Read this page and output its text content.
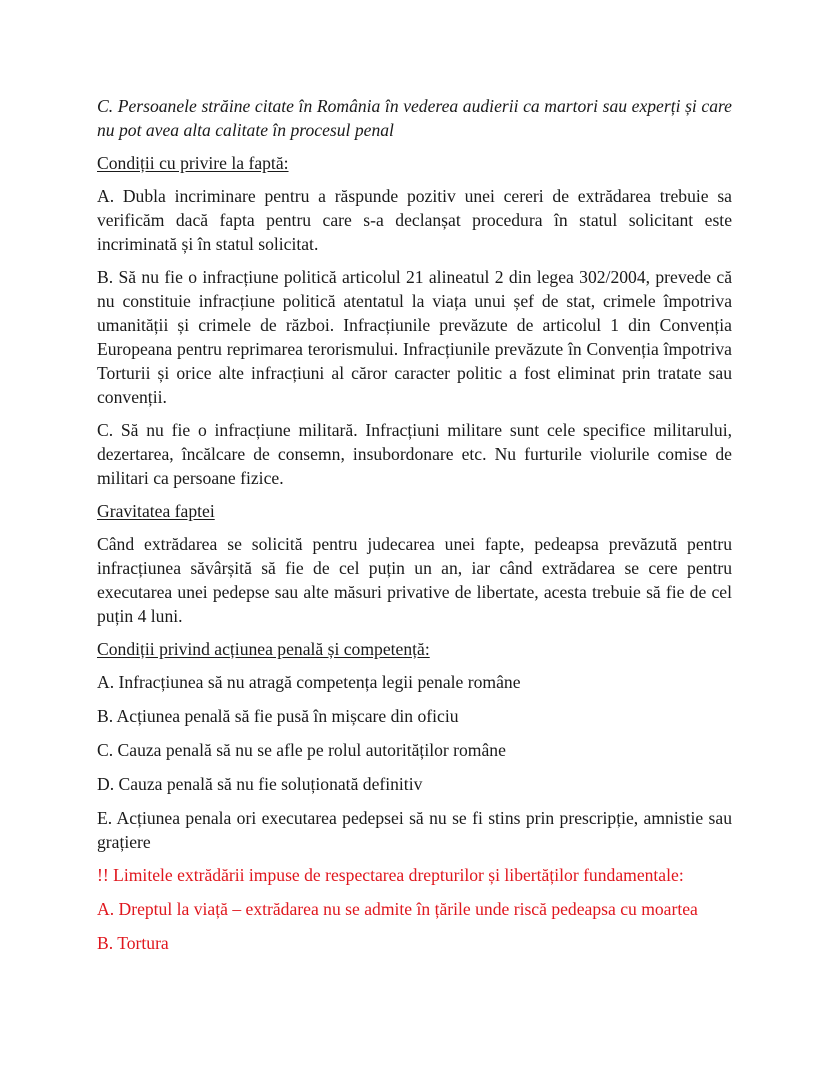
C. Persoanele străine citate în România în vederea audierii ca martori sau experți și care nu pot avea alta calitate în procesul penal

Condiții cu privire la faptă:

A. Dubla incriminare pentru a răspunde pozitiv unei cereri de extrădarea trebuie sa verificăm dacă fapta pentru care s-a declanșat procedura în statul solicitant este incriminată și în statul solicitat.

B. Să nu fie o infracțiune politică articolul 21 alineatul 2 din legea 302/2004, prevede că nu constituie infracțiune politică atentatul la viața unui șef de stat, crimele împotriva umanității și crimele de război. Infracțiunile prevăzute de articolul 1 din Convenția Europeana pentru reprimarea terorismului. Infracțiunile prevăzute în Convenția împotriva Torturii și orice alte infracțiuni al căror caracter politic a fost eliminat prin tratate sau convenții.

C. Să nu fie o infracțiune militară. Infracțiuni militare sunt cele specifice militarului, dezertarea, încălcare de consemn, insubordonare etc. Nu furturile violurile comise de militari ca persoane fizice.

Gravitatea faptei

Când extrădarea se solicită pentru judecarea unei fapte, pedeapsa prevăzută pentru infracțiunea săvârșită să fie de cel puțin un an, iar când extrădarea se cere pentru executarea unei pedepse sau alte măsuri privative de libertate, acesta trebuie să fie de cel puțin 4 luni.

Condiții privind acțiunea penală și competență:

A. Infracțiunea să nu atragă competența legii penale române

B. Acțiunea penală să fie pusă în mișcare din oficiu

C. Cauza penală să nu se afle pe rolul autorităților române

D. Cauza penală să nu fie soluționată definitiv

E. Acțiunea penala ori executarea pedepsei să nu se fi stins prin prescripție, amnistie sau grațiere

!! Limitele extrădării impuse de respectarea drepturilor și libertăților fundamentale:

A. Dreptul la viață – extrădarea nu se admite în țările unde riscă pedeapsa cu moartea

B. Tortura
